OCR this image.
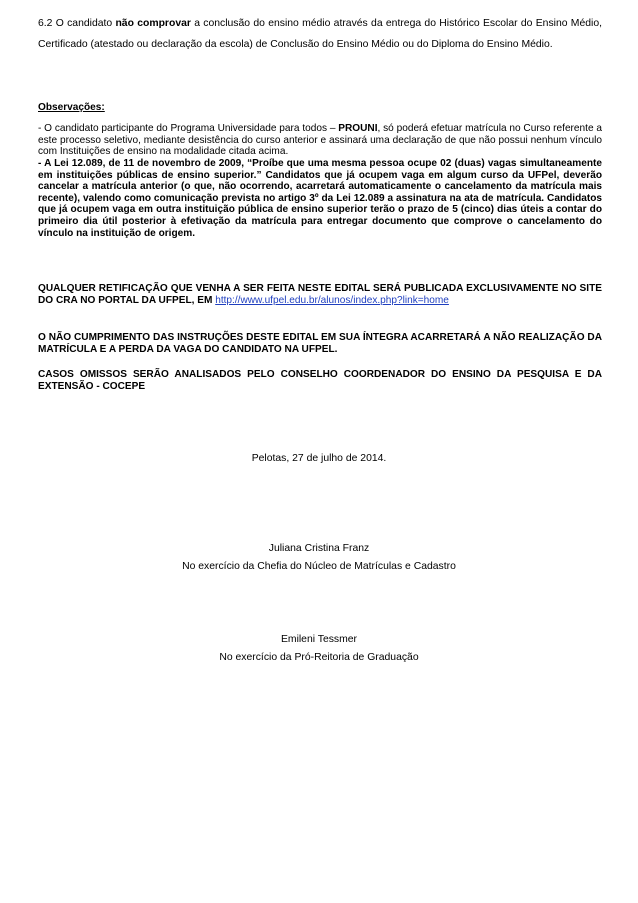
6.2 O candidato não comprovar a conclusão do ensino médio através da entrega do Histórico Escolar do Ensino Médio, Certificado (atestado ou declaração da escola) de Conclusão do Ensino Médio ou do Diploma do Ensino Médio.

Observações:

- O candidato participante do Programa Universidade para todos – PROUNI, só poderá efetuar matrícula no Curso referente a este processo seletivo, mediante desistência do curso anterior e assinará uma declaração de que não possui nenhum vínculo com Instituições de ensino na modalidade citada acima.

- A Lei 12.089, de 11 de novembro de 2009, “Proíbe que uma mesma pessoa ocupe 02 (duas) vagas simultaneamente em instituições públicas de ensino superior.” Candidatos que já ocupem vaga em algum curso da UFPel, deverão cancelar a matrícula anterior (o que, não ocorrendo, acarretará automaticamente o cancelamento da matrícula mais recente), valendo como comunicação prevista no artigo 3º da Lei 12.089 a assinatura na ata de matrícula. Candidatos que já ocupem vaga em outra instituição pública de ensino superior terão o prazo de 5 (cinco) dias úteis a contar do primeiro dia útil posterior à efetivação da matrícula para entregar documento que comprove o cancelamento do vínculo na instituição de origem.

QUALQUER RETIFICAÇÃO QUE VENHA A SER FEITA NESTE EDITAL SERÁ PUBLICADA EXCLUSIVAMENTE NO SITE DO CRA NO PORTAL DA UFPEL, EM http://www.ufpel.edu.br/alunos/index.php?link=home

O NÃO CUMPRIMENTO DAS INSTRUÇÕES DESTE EDITAL EM SUA ÍNTEGRA ACARRETARÁ A NÃO REALIZAÇÃO DA MATRÍCULA E A PERDA DA VAGA DO CANDIDATO NA UFPEL.

CASOS OMISSOS SERÃO ANALISADOS PELO CONSELHO COORDENADOR DO ENSINO DA PESQUISA E DA EXTENSÃO - COCEPE

Pelotas, 27 de julho de 2014.
Juliana Cristina Franz
No exercício da Chefia do Núcleo de Matrículas e Cadastro
Emileni Tessmer
No exercício da Pró-Reitoria de Graduação
